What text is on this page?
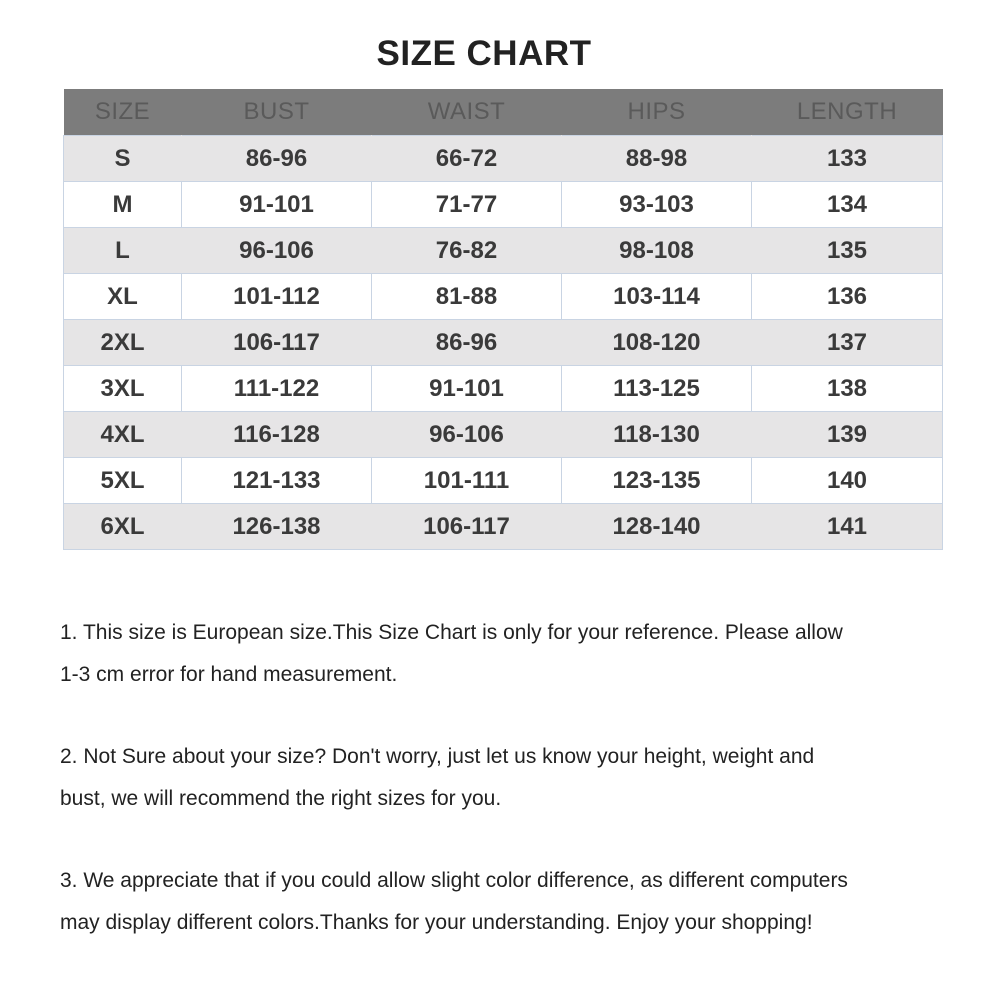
SIZE CHART
SIZE	BUST	WAIST	HIPS	LENGTH
S	86-96	66-72	88-98	133
M	91-101	71-77	93-103	134
L	96-106	76-82	98-108	135
XL	101-112	81-88	103-114	136
2XL	106-117	86-96	108-120	137
3XL	111-122	91-101	113-125	138
4XL	116-128	96-106	118-130	139
5XL	121-133	101-111	123-135	140
6XL	126-138	106-117	128-140	141

1. This size is European size.This Size Chart is only for your reference. Please allow
1-3 cm error for hand measurement.

2. Not Sure about your size? Don't worry, just let us know your height, weight and
bust, we will recommend the right sizes for you.

3. We appreciate that if you could allow slight color difference, as different computers
may display different colors.Thanks for your understanding. Enjoy your shopping!
